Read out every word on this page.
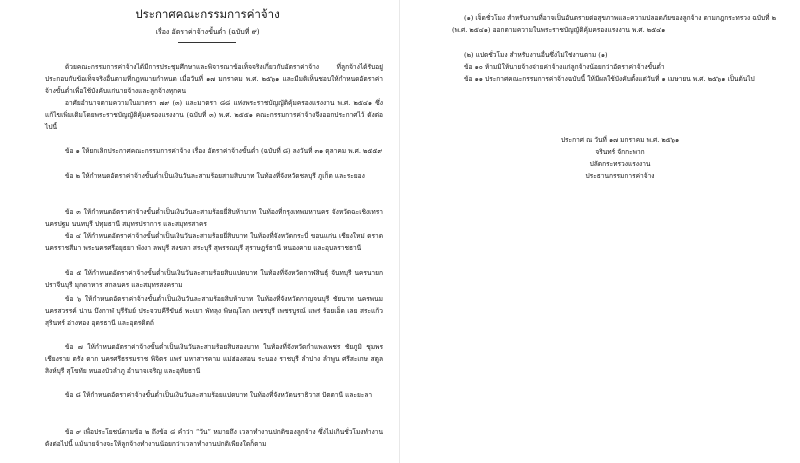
ประกาศคณะกรรมการค่าจ้าง
เรื่อง อัตราค่าจ้างขั้นต่ำ (ฉบับที่ ๙)
ด้วยคณะกรรมการค่าจ้างได้มีการประชุมศึกษาและพิจารณาข้อเท็จจริงเกี่ยวกับอัตราค่าจ้าง ที่ลูกจ้างได้รับอยู่ ประกอบกับข้อเท็จจริงอื่นตามที่กฎหมายกำหนด เมื่อวันที่ ๑๗ มกราคม พ.ศ. ๒๕๖๑ และมีมติเห็นชอบให้กำหนดอัตราค่าจ้างขั้นต่ำเพื่อใช้บังคับแก่นายจ้างและลูกจ้างทุกคน
อาศัยอำนาจตามความในมาตรา ๗๙ (๓) และมาตรา ๘๘ แห่งพระราชบัญญัติคุ้มครองแรงงาน พ.ศ. ๒๕๔๑ ซึ่งแก้ไขเพิ่มเติมโดยพระราชบัญญัติคุ้มครองแรงงาน (ฉบับที่ ๓) พ.ศ. ๒๕๕๑ คณะกรรมการค่าจ้างจึงออกประกาศไว้ ดังต่อไปนี้
ข้อ ๑ ให้ยกเลิกประกาศคณะกรรมการค่าจ้าง เรื่อง อัตราค่าจ้างขั้นต่ำ (ฉบับที่ ๘) ลงวันที่ ๓๑ ตุลาคม พ.ศ. ๒๕๕๙
ข้อ ๒ ให้กำหนดอัตราค่าจ้างขั้นต่ำเป็นเงินวันละสามร้อยสามสิบบาท ในท้องที่จังหวัดชลบุรี ภูเก็ต และระยอง
ข้อ ๓ ให้กำหนดอัตราค่าจ้างขั้นต่ำเป็นเงินวันละสามร้อยยี่สิบห้าบาท ในท้องที่กรุงเทพมหานคร จังหวัดฉะเชิงเทรา นครปฐม นนทบุรี ปทุมธานี สมุทรปราการ และสมุทรสาคร
ข้อ ๔ ให้กำหนดอัตราค่าจ้างขั้นต่ำเป็นเงินวันละสามร้อยยี่สิบบาท ในท้องที่จังหวัดกระบี่ ขอนแก่น เชียงใหม่ ตราด นครราชสีมา พระนครศรีอยุธยา พังงา ลพบุรี สงขลา สระบุรี สุพรรณบุรี สุราษฎร์ธานี หนองคาย และอุบลราชธานี
ข้อ ๕ ให้กำหนดอัตราค่าจ้างขั้นต่ำเป็นเงินวันละสามร้อยสิบแปดบาท ในท้องที่จังหวัดกาฬสินธุ์ จันทบุรี นครนายก ปราจีนบุรี มุกดาหาร สกลนคร และสมุทรสงคราม
ข้อ ๖ ให้กำหนดอัตราค่าจ้างขั้นต่ำเป็นเงินวันละสามร้อยสิบห้าบาท ในท้องที่จังหวัดกาญจนบุรี ชัยนาท นครพนม นครสวรรค์ น่าน บึงกาฬ บุรีรัมย์ ประจวบคีรีขันธ์ พะเยา พัทลุง พิษณุโลก เพชรบุรี เพชรบูรณ์ แพร่ ร้อยเอ็ด เลย สระแก้ว สุรินทร์ อ่างทอง อุดรธานี และอุตรดิตถ์
ข้อ ๗ ให้กำหนดอัตราค่าจ้างขั้นต่ำเป็นเงินวันละสามร้อยสิบสองบาท ในท้องที่จังหวัดกำแพงเพชร ชัยภูมิ ชุมพร เชียงราย ตรัง ตาก นครศรีธรรมราช พิจิตร แพร่ มหาสารคาม แม่ฮ่องสอน ระนอง ราชบุรี ลำปาง ลำพูน ศรีสะเกษ สตูล สิงห์บุรี สุโขทัย หนองบัวลำภู อำนาจเจริญ และอุทัยธานี
ข้อ ๘ ให้กำหนดอัตราค่าจ้างขั้นต่ำเป็นเงินวันละสามร้อยแปดบาท ในท้องที่จังหวัดนราธิวาส ปัตตานี และยะลา
ข้อ ๙ เพื่อประโยชน์ตามข้อ ๒ ถึงข้อ ๘ คำว่า “วัน” หมายถึง เวลาทำงานปกติของลูกจ้าง ซึ่งไม่เกินชั่วโมงทำงานดังต่อไปนี้ แม้นายจ้างจะให้ลูกจ้างทำงานน้อยกว่าเวลาทำงานปกติเพียงใดก็ตาม
(๑) เจ็ดชั่วโมง สำหรับงานที่อาจเป็นอันตรายต่อสุขภาพและความปลอดภัยของลูกจ้าง ตามกฎกระทรวง ฉบับที่ ๒ (พ.ศ. ๒๕๔๑) ออกตามความในพระราชบัญญัติคุ้มครองแรงงาน พ.ศ. ๒๕๔๑
(๒) แปดชั่วโมง สำหรับงานอื่นซึ่งไม่ใช่งานตาม (๑)
ข้อ ๑๐ ห้ามมิให้นายจ้างจ่ายค่าจ้างแก่ลูกจ้างน้อยกว่าอัตราค่าจ้างขั้นต่ำ
ข้อ ๑๑ ประกาศคณะกรรมการค่าจ้างฉบับนี้ ให้มีผลใช้บังคับตั้งแต่วันที่ ๑ เมษายน พ.ศ. ๒๕๖๑ เป็นต้นไป
ประกาศ ณ วันที่ ๑๗ มกราคม พ.ศ. ๒๕๖๑
จรินทร์ จักกะพาก
ปลัดกระทรวงแรงงาน
ประธานกรรมการค่าจ้าง
